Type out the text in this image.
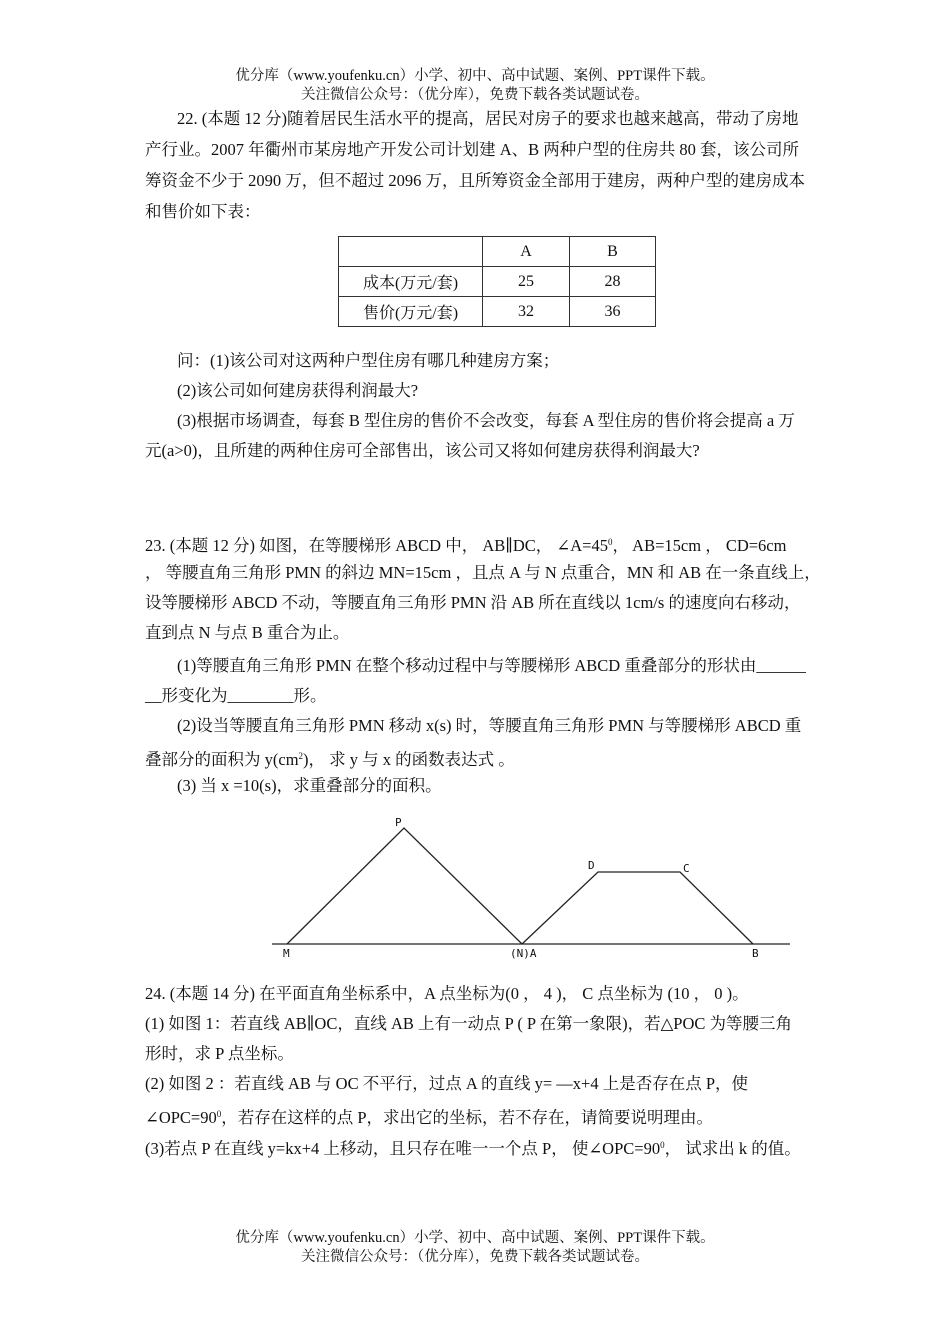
优分库（www.youfenku.cn）小学、初中、高中试题、案例、PPT课件下载。
关注微信公众号：（优分库），免费下载各类试题试卷。
22. (本题 12 分)随着居民生活水平的提高，居民对房子的要求也越来越高，带动了房地
产行业。2007 年衢州市某房地产开发公司计划建 A、B 两种户型的住房共 80 套，该公司所
筹资金不少于 2090 万，但不超过 2096 万，且所筹资金全部用于建房，两种户型的建房成本
和售价如下表：
	A	B
成本(万元/套)	25	28
售价(万元/套)	32	36
问：(1)该公司对这两种户型住房有哪几种建房方案；
(2)该公司如何建房获得利润最大?
(3)根据市场调查，每套 B 型住房的售价不会改变，每套 A 型住房的售价将会提高 a 万
元(a>0)，且所建的两种住房可全部售出，该公司又将如何建房获得利润最大?
23. (本题 12 分) 如图，在等腰梯形 ABCD 中， AB∥DC， $\angle A=45^0$， AB=15cm ， CD=6cm
， 等腰直角三角形 PMN 的斜边 MN=15cm ，且点 A 与 N 点重合，MN 和 AB 在一条直线上，
设等腰梯形 ABCD 不动，等腰直角三角形 PMN 沿 AB 所在直线以 1cm/s 的速度向右移动，
直到点 N 与点 B 重合为止。
(1)等腰直角三角形 PMN 在整个移动过程中与等腰梯形 ABCD 重叠部分的形状由______
__形变化为________形。
(2)设当等腰直角三角形 PMN 移动 x(s) 时，等腰直角三角形 PMN 与等腰梯形 ABCD 重
叠部分的面积为 $y(cm^2)$， 求 y 与 x 的函数表达式 。
(3) 当 x =10(s)，求重叠部分的面积。
P
M	(N)A
D	C
B
24. (本题 14 分) 在平面直角坐标系中，A 点坐标为(0 ， 4 )， C 点坐标为 (10 ， 0 )。
(1) 如图 1：若直线 AB∥OC，直线 AB 上有一动点 P ( P 在第一象限)，若△POC 为等腰三角
形时，求 P 点坐标。
(2) 如图 2 ：若直线 AB 与 OC 不平行，过点 A 的直线 y= —x+4 上是否存在点 P，使
$\angle OPC=90^0$，若存在这样的点 P，求出它的坐标，若不存在，请简要说明理由。
(3)若点 P 在直线 y=kx+4 上移动，且只存在唯一一个点 P， 使$\angle OPC=90^0$， 试求出 k 的值。
优分库（www.youfenku.cn）小学、初中、高中试题、案例、PPT课件下载。
关注微信公众号：（优分库），免费下载各类试题试卷。
